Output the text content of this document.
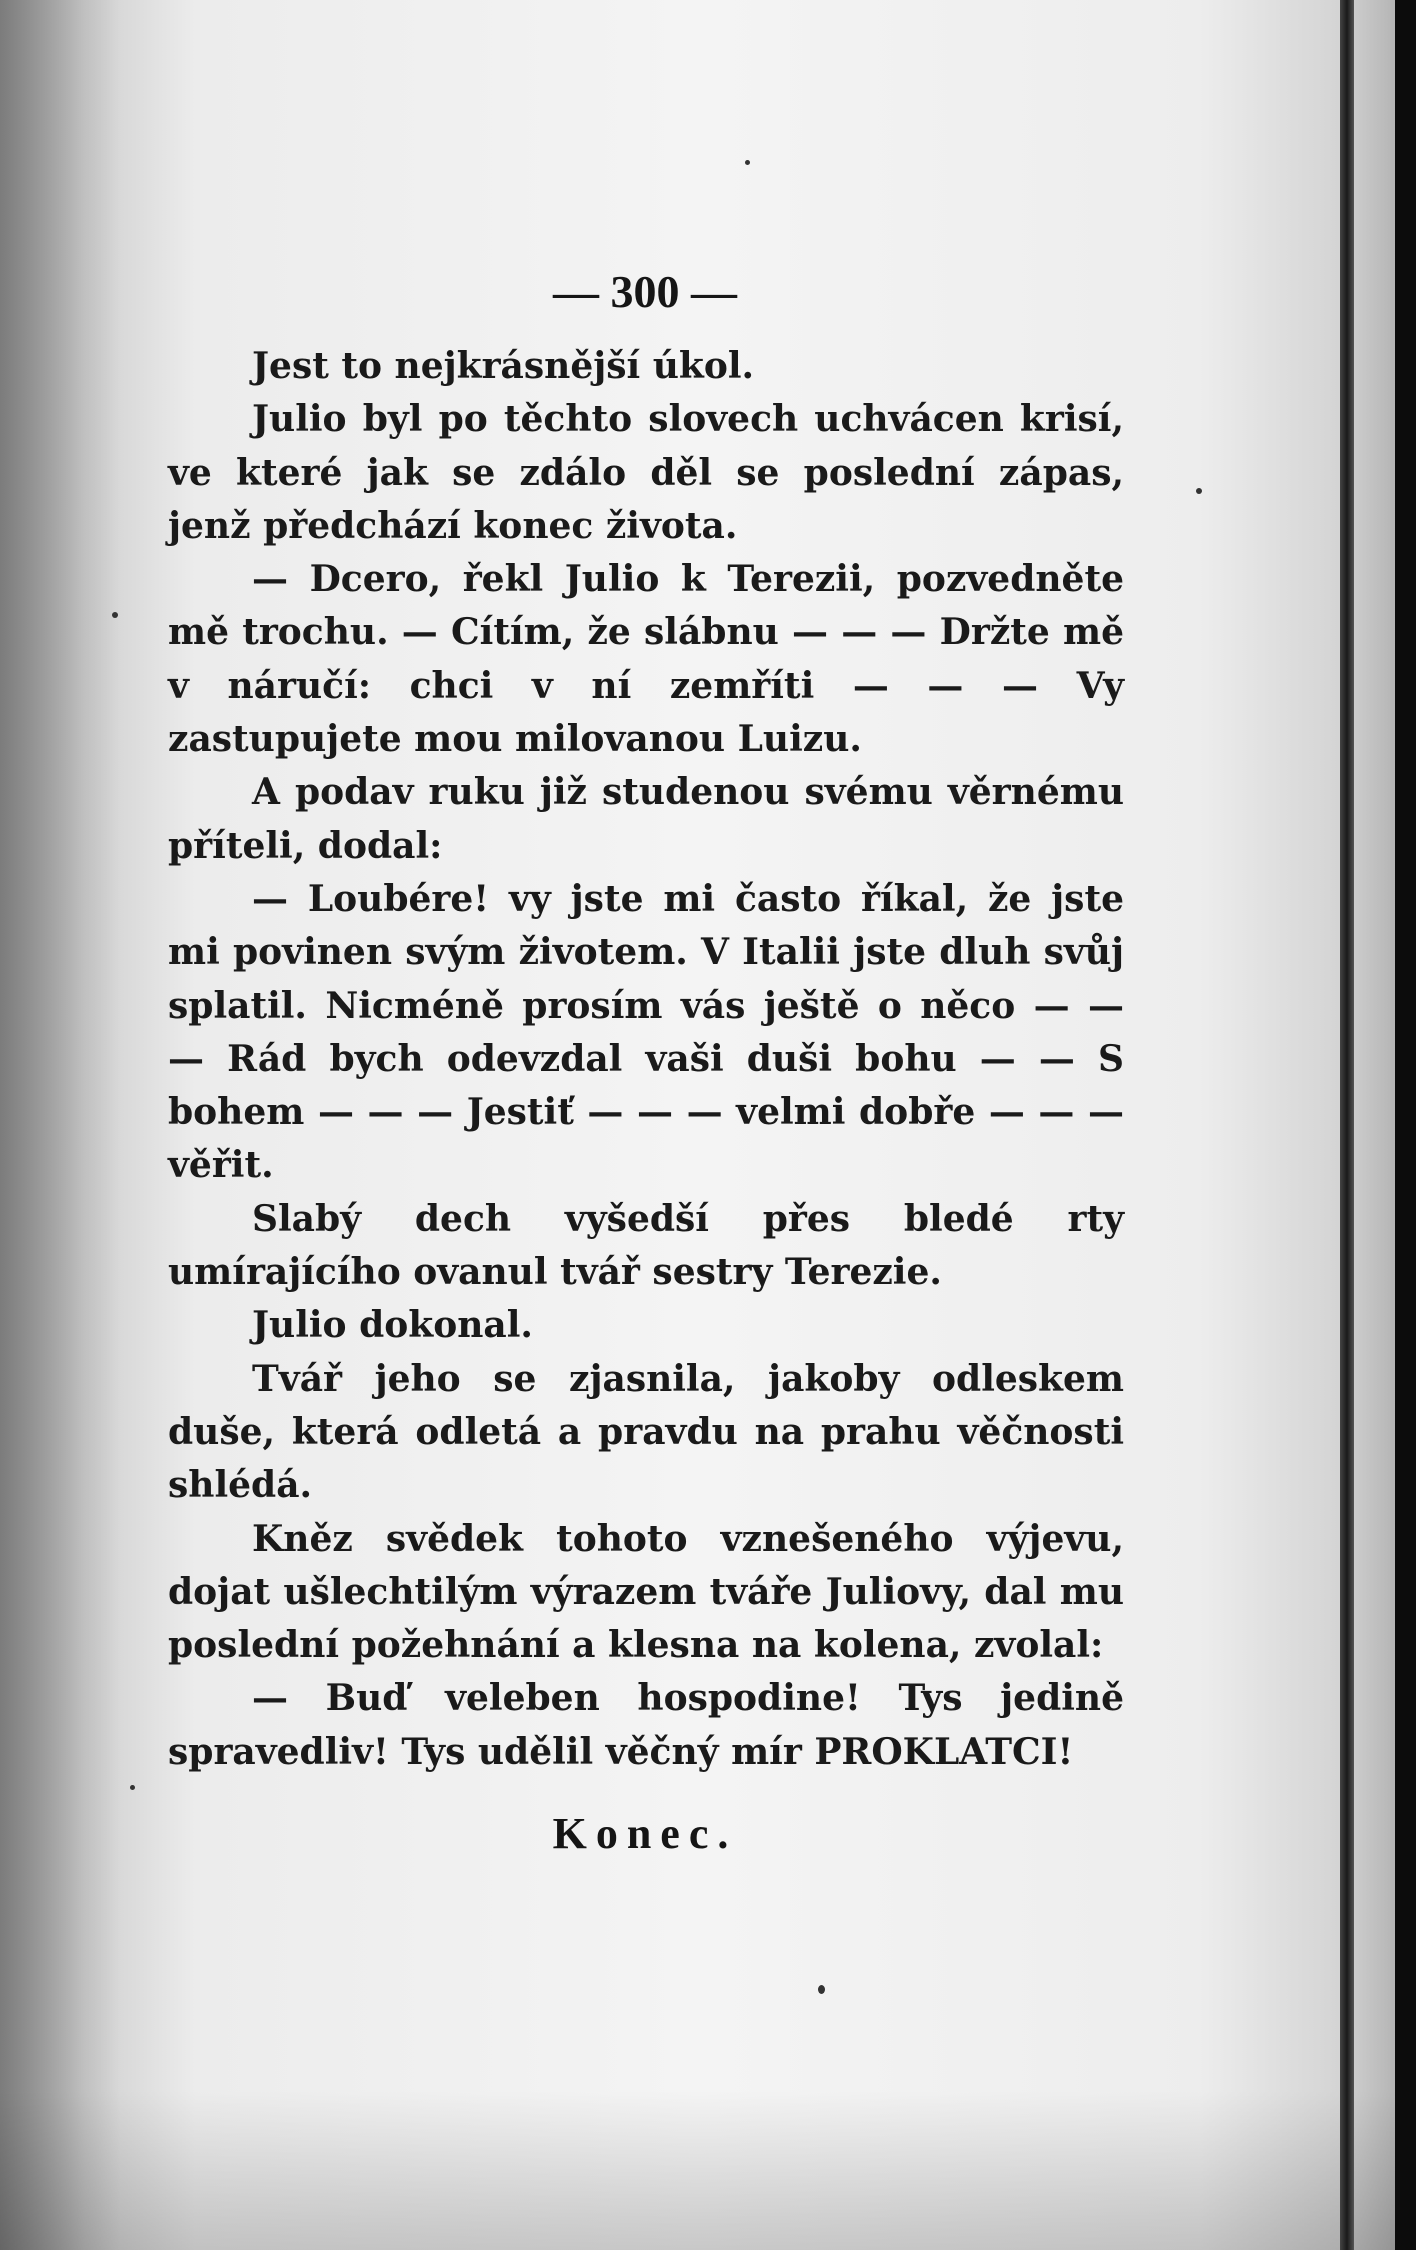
— 300 —

Jest to nejkrásnější úkol.

Julio byl po těchto slovech uchvácen krisí, ve které jak se zdálo děl se poslední zápas, jenž předchází konec života.

— Dcero, řekl Julio k Terezii, pozvedněte mě trochu. — Cítím, že slábnu — — — Držte mě v náručí: chci v ní zemříti — — — Vy zastupujete mou milovanou Luizu.

A podav ruku již studenou svému věrnému příteli, dodal:

— Loubére! vy jste mi často říkal, že jste mi povinen svým životem. V Italii jste dluh svůj splatil. Nicméně prosím vás ještě o něco — — — Rád bych odevzdal vaši duši bohu — — S bohem — — — Jestiť — — — velmi dobře — — — věřit.

Slabý dech vyšedší přes bledé rty umírajícího ovanul tvář sestry Terezie.

Julio dokonal.

Tvář jeho se zjasnila, jakoby odleskem duše, která odletá a pravdu na prahu věčnosti shlédá.

Kněz svědek tohoto vznešeného výjevu, dojat ušlechtilým výrazem tváře Juliovy, dal mu poslední požehnání a klesna na kolena, zvolal:

— Buď veleben hospodine! Tys jedině spravedliv! Tys udělil věčný mír PROKLATCI!

Konec.
